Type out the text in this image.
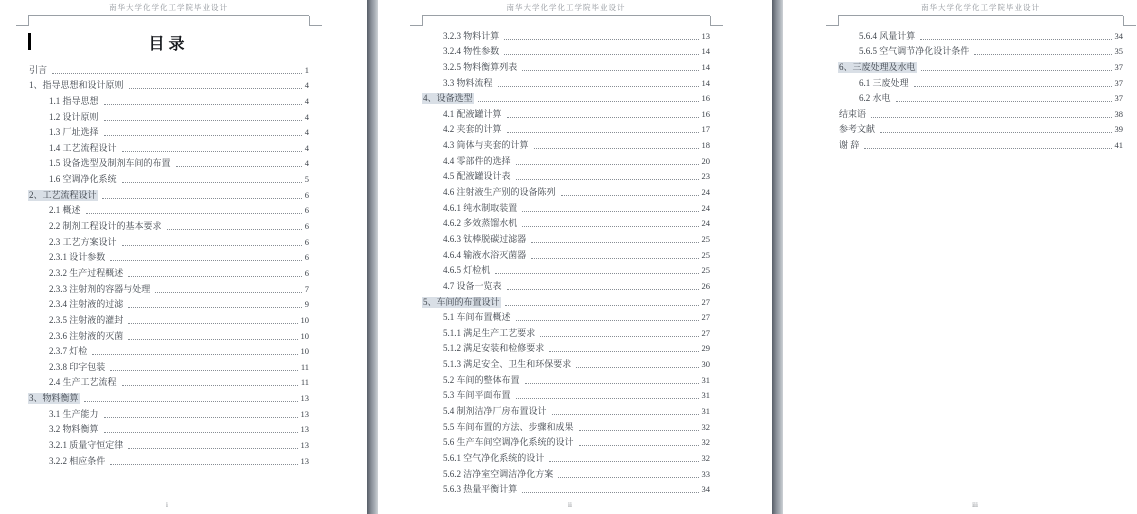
南华大学化学化工学院毕业设计
目录
引言	1
1、指导思想和设计原则	4
1.1 指导思想	4
1.2 设计原则	4
1.3 厂址选择	4
1.4 工艺流程设计	4
1.5 设备选型及制剂车间的布置	4
1.6 空调净化系统	5
2、工艺流程设计	6
2.1 概述	6
2.2 制剂工程设计的基本要求	6
2.3 工艺方案设计	6
2.3.1 设计参数	6
2.3.2 生产过程概述	6
2.3.3 注射剂的容器与处理	7
2.3.4 注射液的过滤	9
2.3.5 注射液的灌封	10
2.3.6 注射液的灭菌	10
2.3.7 灯检	10
2.3.8 印字包装	11
2.4 生产工艺流程	11
3、物料衡算	13
3.1 生产能力	13
3.2 物料衡算	13
3.2.1 质量守恒定律	13
3.2.2 相应条件	13
i
南华大学化学化工学院毕业设计
3.2.3 物料计算	13
3.2.4 物性参数	14
3.2.5 物料衡算列表	14
3.3 物料流程	14
4、设备选型	16
4.1 配液罐计算	16
4.2 夹套的计算	17
4.3 筒体与夹套的计算	18
4.4 零部件的选择	20
4.5 配液罐设计表	23
4.6 注射液生产别的设备陈列	24
4.6.1 纯水制取装置	24
4.6.2 多效蒸馏水机	24
4.6.3 钛棒脱碳过滤器	25
4.6.4 输液水浴灭菌器	25
4.6.5 灯检机	25
4.7 设备一览表	26
5、车间的布置设计	27
5.1 车间布置概述	27
5.1.1 满足生产工艺要求	27
5.1.2 满足安装和检修要求	29
5.1.3 满足安全、卫生和环保要求	30
5.2 车间的整体布置	31
5.3 车间平面布置	31
5.4 制剂洁净厂房布置设计	31
5.5 车间布置的方法、步骤和成果	32
5.6 生产车间空调净化系统的设计	32
5.6.1 空气净化系统的设计	32
5.6.2 洁净室空调洁净化方案	33
5.6.3 热量平衡计算	34
ii
南华大学化学化工学院毕业设计
5.6.4 风量计算	34
5.6.5 空气调节净化设计条件	35
6、三废处理及水电	37
6.1 三废处理	37
6.2 水电	37
结束语	38
参考文献	39
谢 辞	41
iii
